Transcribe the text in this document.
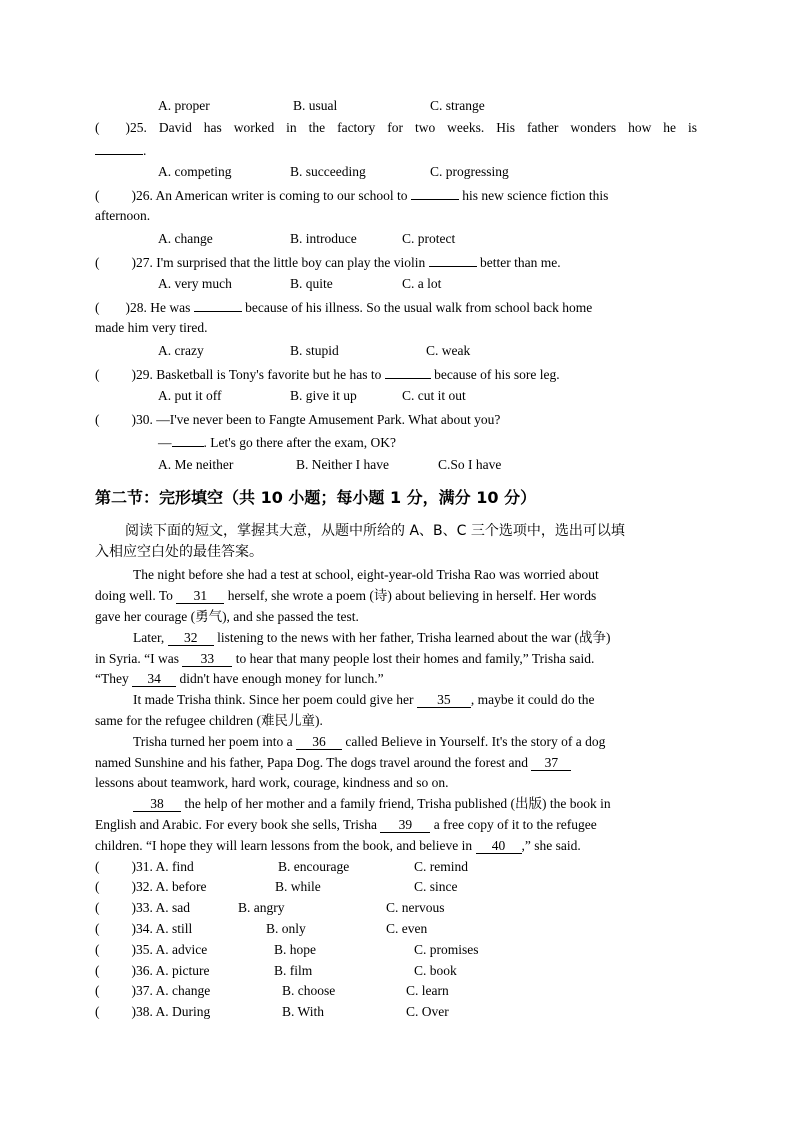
A. proper	B. usual	C. strange
( )25. David has worked in the factory for two weeks. His father wonders how he is
.
A. competing	B. succeeding	C. progressing
( )26. An American writer is coming to our school to	his new science fiction this
afternoon.
A. change	B. introduce	C. protect
( )27. I'm surprised that the little boy can play the violin	better than me.
A. very much	B. quite	C. a lot
( )28. He was	because of his illness. So the usual walk from school back home
made him very tired.
A. crazy	B. stupid	C. weak
( )29. Basketball is Tony's favorite but he has to	because of his sore leg.
A. put it off	B. give it up	C. cut it out
( )30. —I've never been to Fangte Amusement Park. What about you?
— . Let's go there after the exam, OK?
A. Me neither	B. Neither I have	C.So I have
第二节：完形填空（共 10 小题；每小题 1 分，满分 10 分）
阅读下面的短文，掌握其大意，从题中所给的 A、B、C 三个选项中，选出可以填
入相应空白处的最佳答案。
The night before she had a test at school, eight-year-old Trisha Rao was worried about
doing well. To 31 herself, she wrote a poem (诗) about believing in herself. Her words
gave her courage (勇气), and she passed the test.
Later, 32 listening to the news with her father, Trisha learned about the war (战争)
in Syria. “I was 33 to hear that many people lost their homes and family,” Trisha said.
“They 34 didn't have enough money for lunch.”
It made Trisha think. Since her poem could give her 35 , maybe it could do the
same for the refugee children (难民儿童).
Trisha turned her poem into a 36 called Believe in Yourself. It's the story of a dog
named Sunshine and his father, Papa Dog. The dogs travel around the forest and 37
lessons about teamwork, hard work, courage, kindness and so on.
38 the help of her mother and a family friend, Trisha published (出版) the book in
English and Arabic. For every book she sells, Trisha 39 a free copy of it to the refugee
children. “I hope they will learn lessons from the book, and believe in 40 ,” she said.
( )31. A. find	B. encourage	C. remind
( )32. A. before	B. while	C. since
( )33. A. sad	B. angry	C. nervous
( )34. A. still	B. only	C. even
( )35. A. advice	B. hope	C. promises
( )36. A. picture	B. film	C. book
( )37. A. change	B. choose	C. learn
( )38. A. During	B. With	C. Over
